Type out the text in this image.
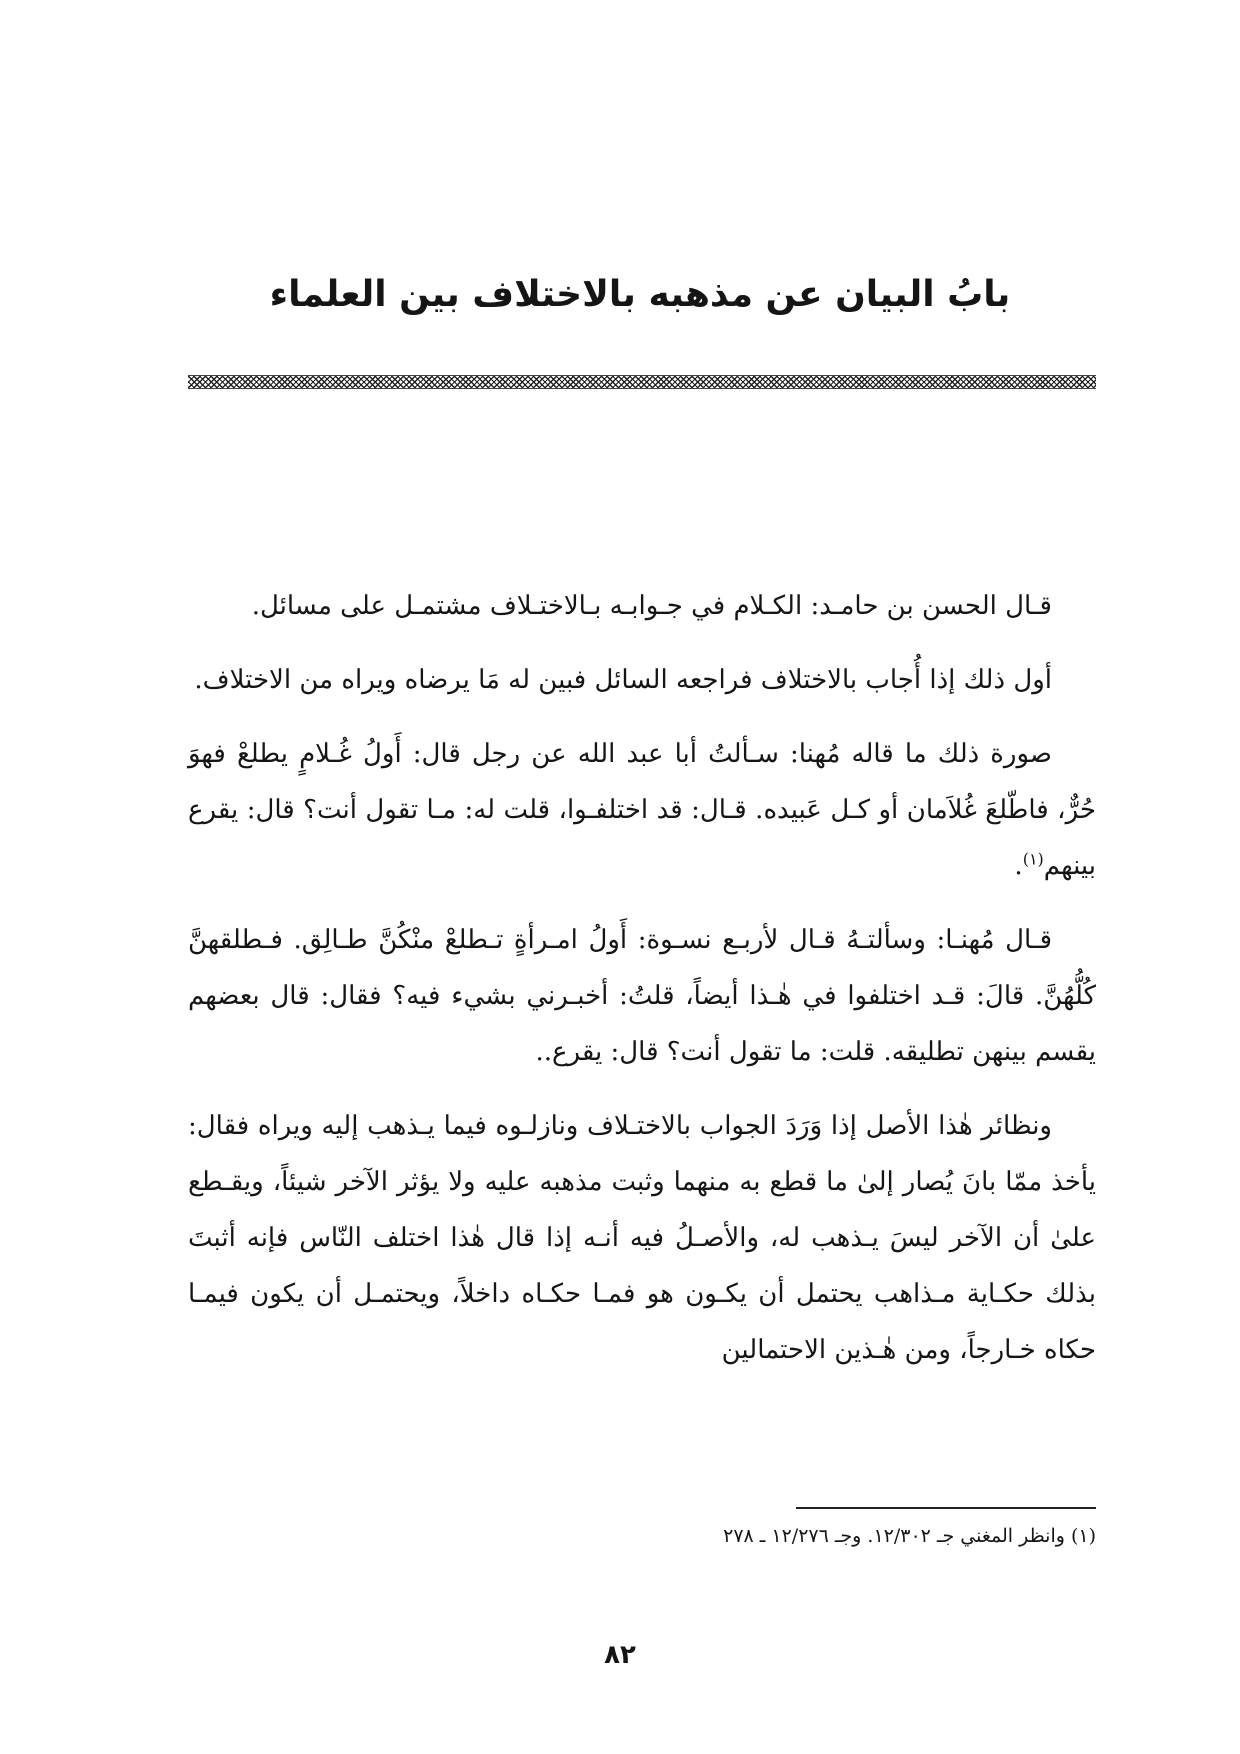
بابُ البيان عن مذهبه بالاختلاف بين العلماء

قـال الحسن بن حامـد: الكـلام في جـوابـه بـالاختـلاف مشتمـل على مسائل.

أول ذلك إذا أُجاب بالاختلاف فراجعه السائل فبين له مَا يرضاه ويراه من الاختلاف.

صورة ذلك ما قاله مُهنا: سـألتُ أبا عبد الله عن رجل قال: أَولُ غُـلامٍ يطلعْ فهوَ حُرٌّ، فاطّلعَ غُلاَمان أو كـل عَبيده. قـال: قد اختلفـوا، قلت له: مـا تقول أنت؟ قال: يقرع بينهم$^{(١)}$.

قـال مُهنـا: وسألتـهُ قـال لأربـع نسـوة: أَولُ امـرأةٍ تـطلعْ منْكُنَّ طـالِق. فـطلقهنَّ كُلُّهُنَّ. قالَ: قـد اختلفوا في هٰـذا أيضاً، قلتُ: أخبـرني بشيء فيه؟ فقال: قال بعضهم يقسم بينهن تطليقه. قلت: ما تقول أنت؟ قال: يقرع..

ونظائر هٰذا الأصل إذا وَرَدَ الجواب بالاختـلاف ونازلـوه فيما يـذهب إليه ويراه فقال: يأخذ ممّا بانَ يُصار إلىٰ ما قطع به منهما وثبت مذهبه عليه ولا يؤثر الآخر شيئاً، ويقـطع علىٰ أن الآخر ليسَ يـذهب له، والأصـلُ فيه أنـه إذا قال هٰذا اختلف النّاس فإنه أثبتَ بذلك حكـاية مـذاهب يحتمل أن يكـون هو فمـا حكـاه داخلاً، ويحتمـل أن يكون فيمـا حكاه خـارجاً، ومن هٰـذين الاحتمالين

(١) وانظر المغني جـ ١٢/٣٠٢. وجـ ١٢/٢٧٦ ـ ٢٧٨

٨٢
